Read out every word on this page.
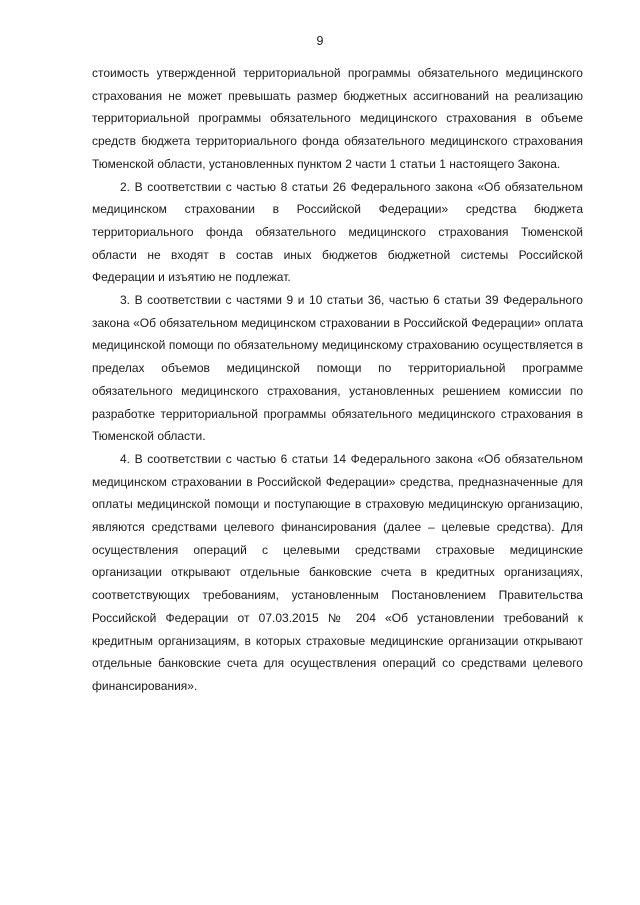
9

стоимость утвержденной территориальной программы обязательного медицинского страхования не может превышать размер бюджетных ассигнований на реализацию территориальной программы обязательного медицинского страхования в объеме средств бюджета территориального фонда обязательного медицинского страхования Тюменской области, установленных пунктом 2 части 1 статьи 1 настоящего Закона.

2. В соответствии с частью 8 статьи 26 Федерального закона «Об обязательном медицинском страховании в Российской Федерации» средства бюджета территориального фонда обязательного медицинского страхования Тюменской области не входят в состав иных бюджетов бюджетной системы Российской Федерации и изъятию не подлежат.

3. В соответствии с частями 9 и 10 статьи 36, частью 6 статьи 39 Федерального закона «Об обязательном медицинском страховании в Российской Федерации» оплата медицинской помощи по обязательному медицинскому страхованию осуществляется в пределах объемов медицинской помощи по территориальной программе обязательного медицинского страхования, установленных решением комиссии по разработке территориальной программы обязательного медицинского страхования в Тюменской области.

4. В соответствии с частью 6 статьи 14 Федерального закона «Об обязательном медицинском страховании в Российской Федерации» средства, предназначенные для оплаты медицинской помощи и поступающие в страховую медицинскую организацию, являются средствами целевого финансирования (далее – целевые средства). Для осуществления операций с целевыми средствами страховые медицинские организации открывают отдельные банковские счета в кредитных организациях, соответствующих требованиям, установленным Постановлением Правительства Российской Федерации от 07.03.2015 № 204 «Об установлении требований к кредитным организациям, в которых страховые медицинские организации открывают отдельные банковские счета для осуществления операций со средствами целевого финансирования».
